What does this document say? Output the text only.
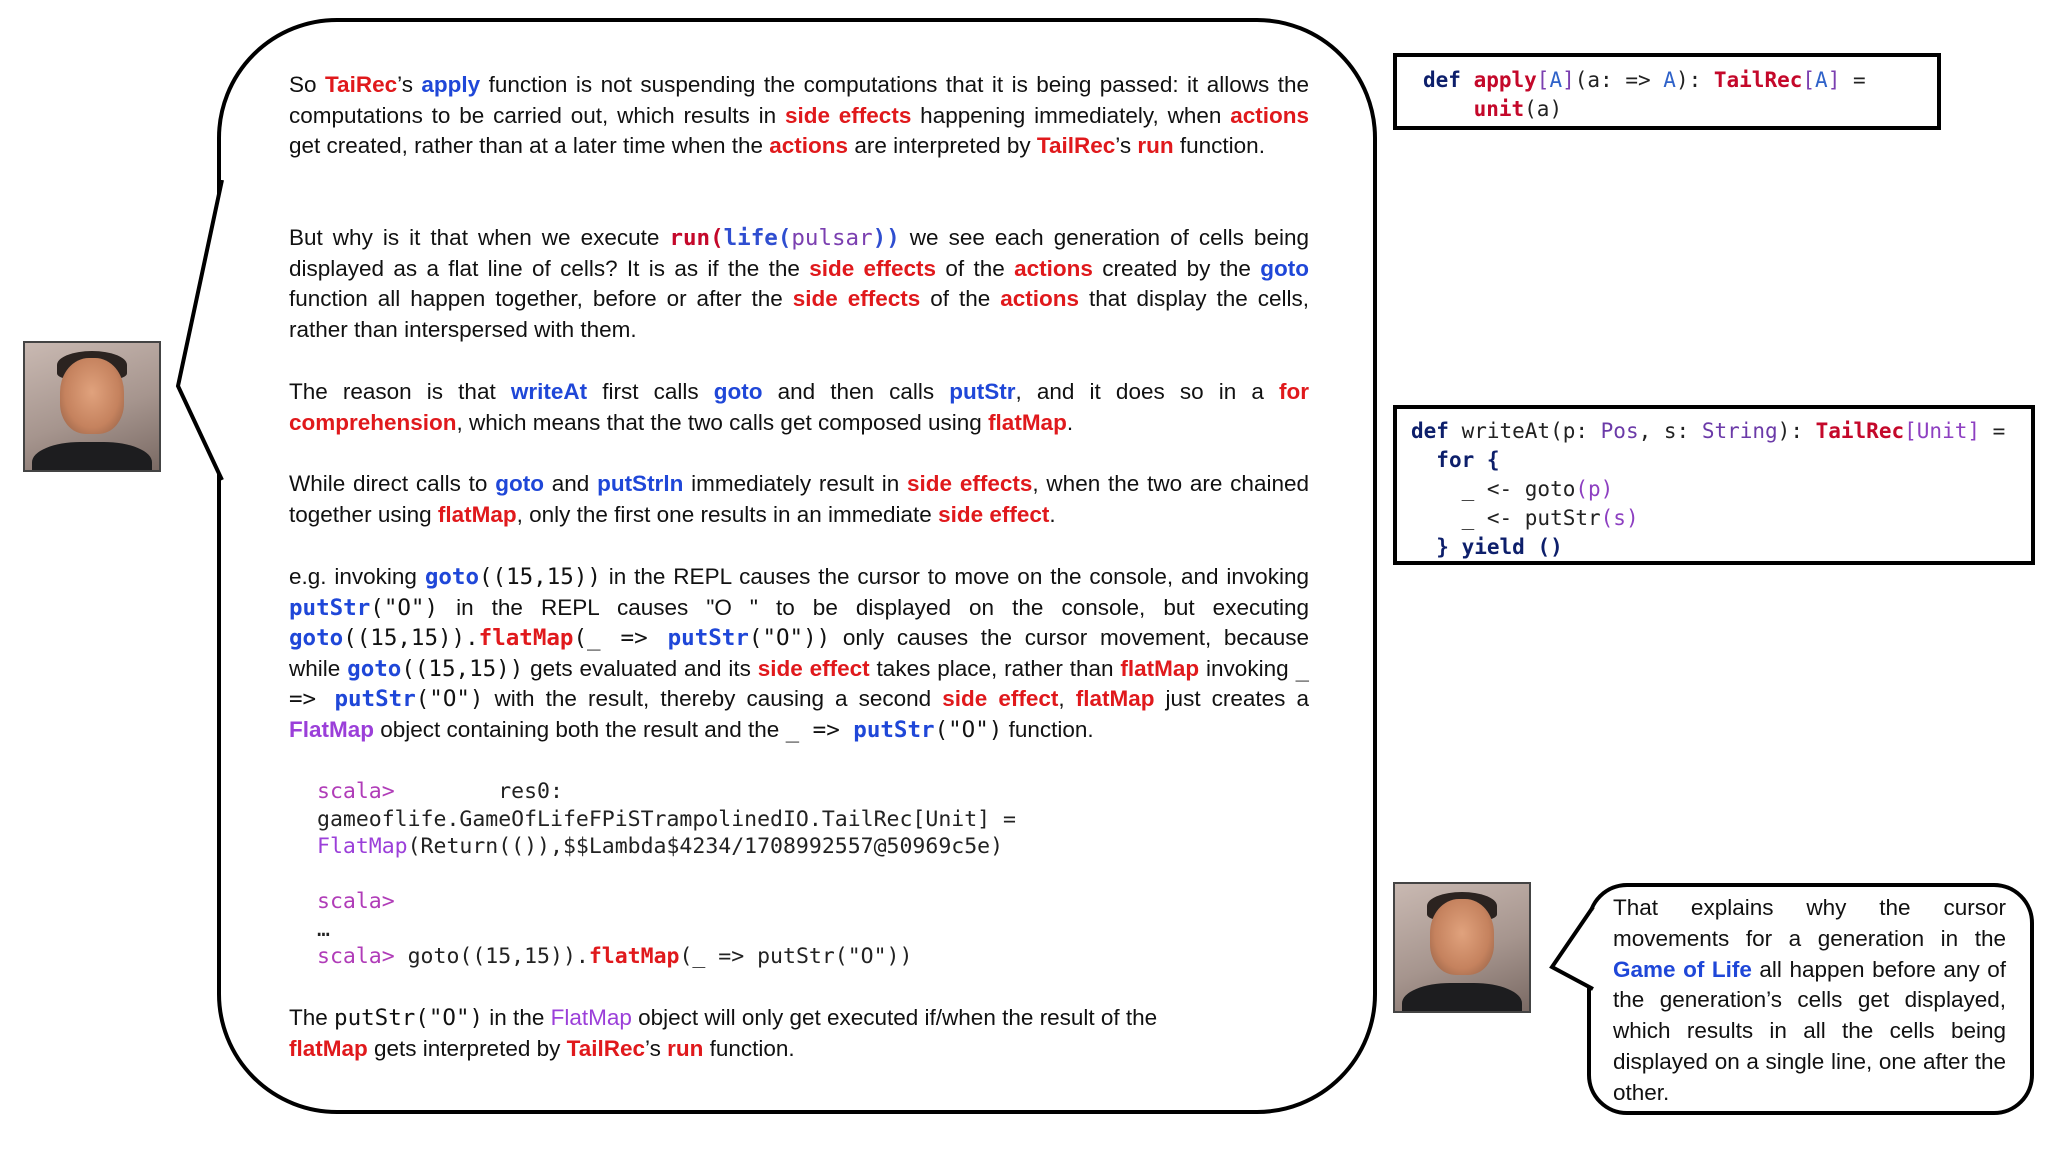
So TaiRec’s apply function is not suspending the computations that it is being passed: it allows the computations to be carried out, which results in side effects happening immediately, when actions get created, rather than at a later time when the actions are interpreted by TailRec’s run function.

But why is it that when we execute run(life(pulsar)) we see each generation of cells being displayed as a flat line of cells? It is as if the the side effects of the actions created by the goto function all happen together, before or after the side effects of the actions that display the cells, rather than interspersed with them.

The reason is that writeAt first calls goto and then calls putStr, and it does so in a for comprehension, which means that the two calls get composed using flatMap.

While direct calls to goto and putStrln immediately result in side effects, when the two are chained together using flatMap, only the first one results in an immediate side effect.

e.g. invoking goto((15,15)) in the REPL causes the cursor to move on the console, and invoking putStr("O") in the REPL causes "O " to be displayed on the console, but executing goto((15,15)).flatMap(_ => putStr("O")) only causes the cursor movement, because while goto((15,15)) gets evaluated and its side effect takes place, rather than flatMap invoking _ => putStr("O") with the result, thereby causing a second side effect, flatMap just creates a FlatMap object containing both the result and the _ => putStr("O") function.

scala>        res0:
gameoflife.GameOfLifeFPiSTrampolinedIO.TailRec[Unit] =
FlatMap(Return(()),$$Lambda$4234/1708992557@50969c5e)

scala>
…
scala> goto((15,15)).flatMap(_ => putStr("O"))

The putStr("O") in the FlatMap object will only get executed if/when the result of the
flatMap gets interpreted by TailRec’s run function.

def apply[A](a: => A): TailRec[A] =
unit(a)
def writeAt(p: Pos, s: String): TailRec[Unit] =
for {
_ <- goto(p)
_ <- putStr(s)
} yield ()
That explains why the cursor movements for a generation in the Game of Life all happen before any of the generation’s cells get displayed, which results in all the cells being displayed on a single line, one after the other.
